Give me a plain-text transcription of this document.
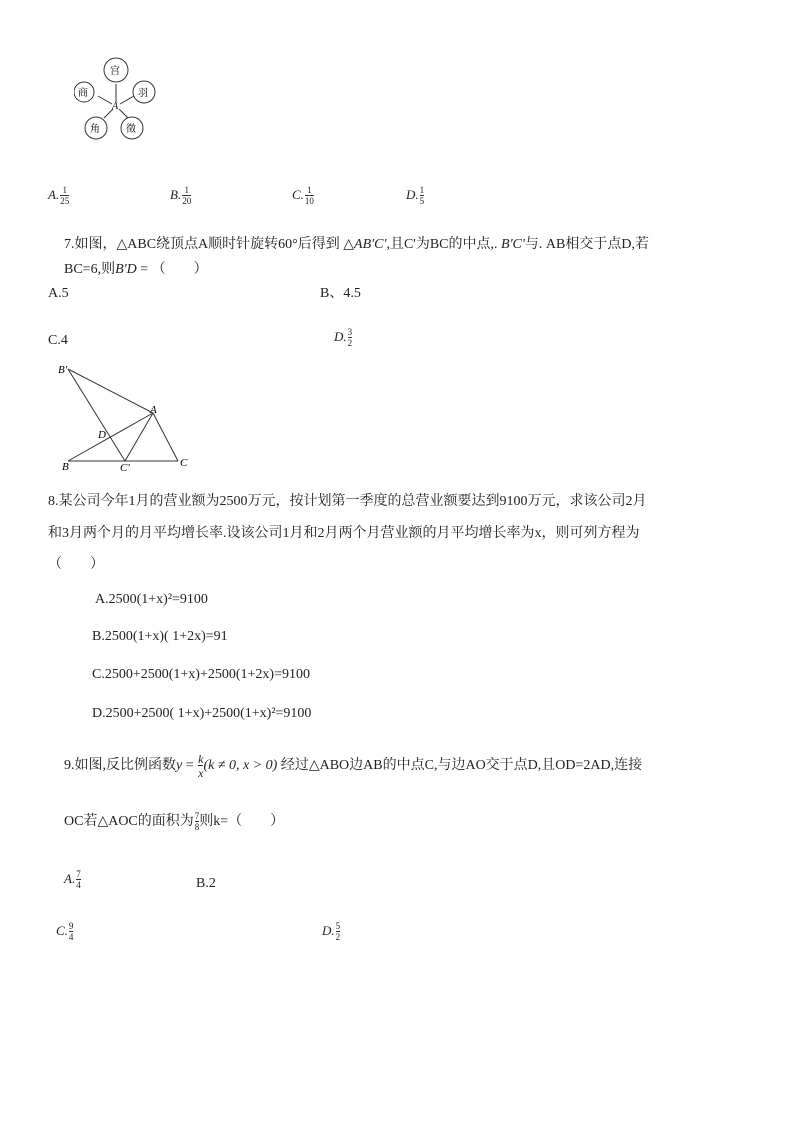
A
宫
羽
徵
角
商
A. $\frac{1}{25}$	B. $\frac{1}{20}$	C. $\frac{1}{10}$	D. $\frac{1}{5}$
7.如图，△ABC绕顶点A顺时针旋转60°后得到 △AB'C',且C'为BC的中点,. B'C'与. AB相交于点D,若
BC=6,则B'D = （　　）
A.5	B、4.5
C.4	D. $\frac{3}{2}$
B'
A
D
B	C'	C
8.某公司今年1月的营业额为2500万元，按计划第一季度的总营业额要达到9100万元，求该公司2月
和3月两个月的月平均增长率.设该公司1月和2月两个月营业额的月平均增长率为x，则可列方程为
（　　）
A.2500(1+x)²=9100
B.2500(1+x)( 1+2x)=91
C.2500+2500(1+x)+2500(1+2x)=9100
D.2500+2500( 1+x)+2500(1+x)²=9100
9.如图,反比例函数$y = \frac{k}{x} (k \ne 0$, x > 0) 经过△ABO边AB的中点C,与边AO交于点D,且OD=2AD,连接
OC若△AOC的面积为 $\frac{7}{8}$ 则k=（　　）
A. $\frac{7}{4}$	B.2
C. $\frac{9}{4}$	D. $\frac{5}{2}$
